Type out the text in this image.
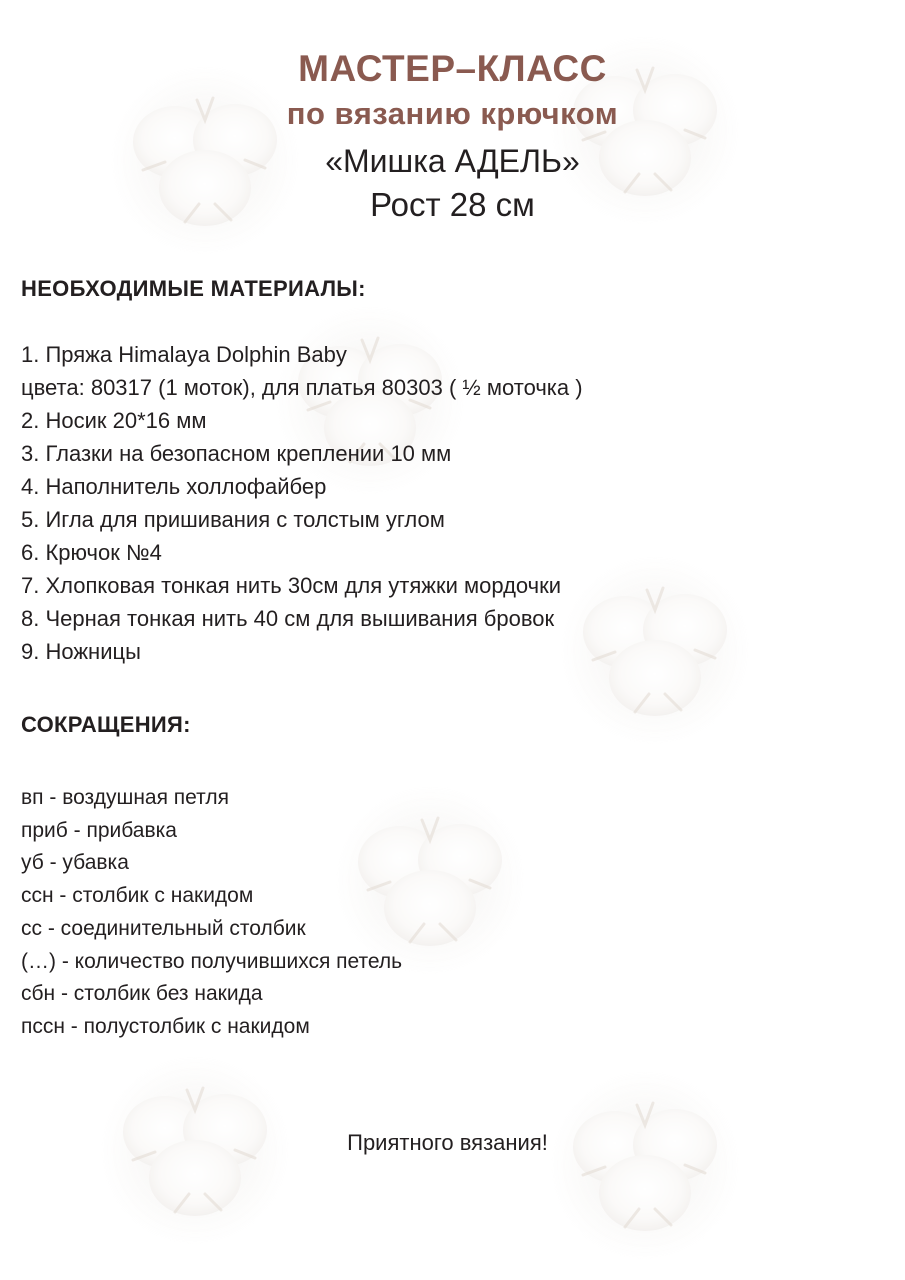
МАСТЕР–КЛАСС
по вязанию крючком
«Мишка АДЕЛЬ»
Рост 28 см
НЕОБХОДИМЫЕ МАТЕРИАЛЫ:
1. Пряжа Himalaya Dolphin Baby
цвета: 80317 (1 моток), для платья 80303 ( ½ моточка )
2. Носик 20*16 мм
3. Глазки на безопасном креплении 10 мм
4. Наполнитель холлофайбер
5. Игла для пришивания с толстым углом
6. Крючок №4
7. Хлопковая тонкая нить 30см для утяжки мордочки
8. Черная тонкая нить 40 см для вышивания бровок
9. Ножницы
СОКРАЩЕНИЯ:
вп - воздушная петля
приб - прибавка
уб - убавка
ссн - столбик с накидом
сс - соединительный столбик
(…) - количество получившихся петель
сбн - столбик без накида
пссн - полустолбик с накидом
Приятного вязания!
